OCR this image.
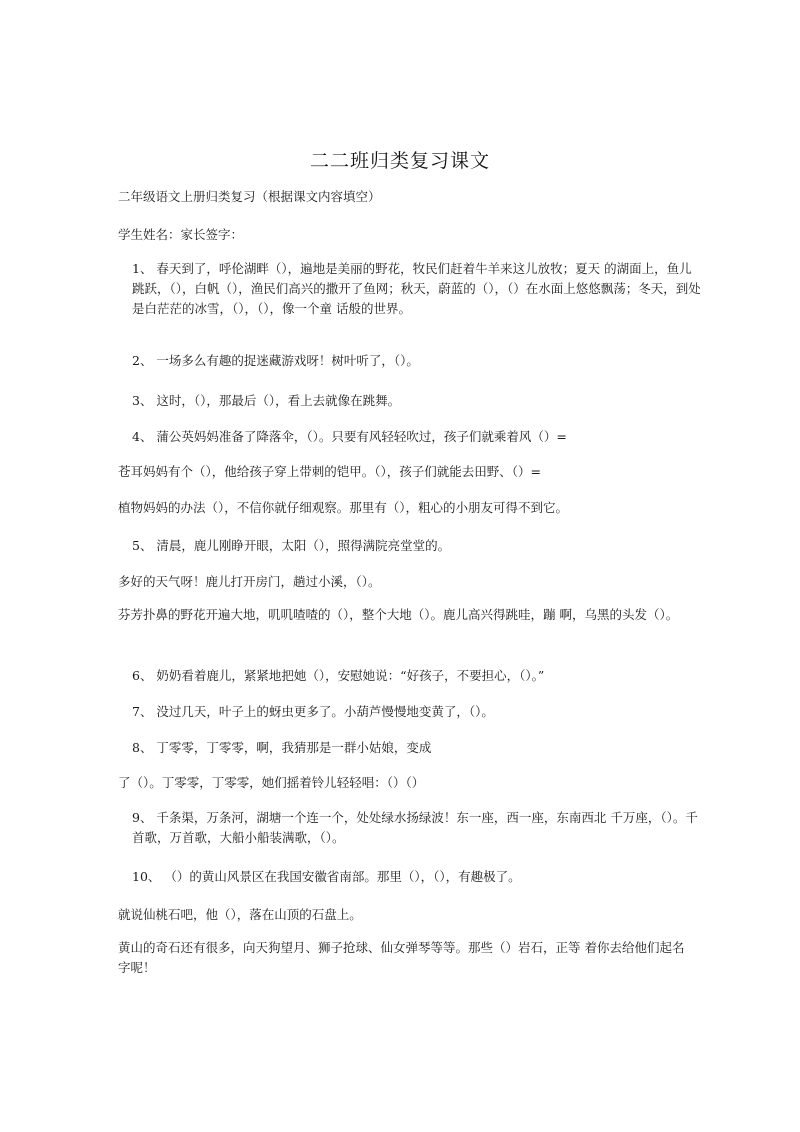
二二班归类复习课文
二年级语文上册归类复习（根据课文内容填空）
学生姓名：家长签字：
1、 春天到了，呼伦湖畔（），遍地是美丽的野花，牧民们赶着牛羊来这儿放牧；夏天 的湖面上，鱼儿跳跃，（），白帆（），渔民们高兴的撒开了鱼网；秋天，蔚蓝的（），（）在水面上悠悠飘荡；冬天，到处是白茫茫的冰雪，（），（），像一个童 话般的世界。
2、 一场多么有趣的捉迷藏游戏呀！树叶听了，（）。
3、 这时，（），那最后（），看上去就像在跳舞。
4、 蒲公英妈妈准备了降落伞，（）。只要有风轻轻吹过，孩子们就乘着风（）=
苍耳妈妈有个（），他给孩子穿上带刺的铠甲。（），孩子们就能去田野、（）=
植物妈妈的办法（），不信你就仔细观察。那里有（），粗心的小朋友可得不到它。
5、 清晨，鹿儿刚睁开眼，太阳（），照得满院亮堂堂的。
多好的天气呀！鹿儿打开房门，趟过小溪，（）。
芬芳扑鼻的野花开遍大地，叽叽喳喳的（），整个大地（）。鹿儿高兴得跳哇，蹦 啊，乌黑的头发（）。
6、 奶奶看着鹿儿，紧紧地把她（），安慰她说：“好孩子，不要担心，（）。”
7、 没过几天，叶子上的蚜虫更多了。小葫芦慢慢地变黄了，（）。
8、 丁零零，丁零零，啊，我猜那是一群小姑娘，变成
了（）。丁零零，丁零零，她们摇着铃儿轻轻唱：（）（）
9、 千条渠，万条河，湖塘一个连一个，处处绿水扬绿波！东一座，西一座，东南西北 千万座，（）。千首歌，万首歌，大船小船装满歌，（）。
10、 （）的黄山风景区在我国安徽省南部。那里（），（），有趣极了。
就说仙桃石吧，他（），落在山顶的石盘上。
黄山的奇石还有很多，向天狗望月、狮子抢球、仙女弹琴等等。那些（）岩石，正等 着你去给他们起名字呢！
